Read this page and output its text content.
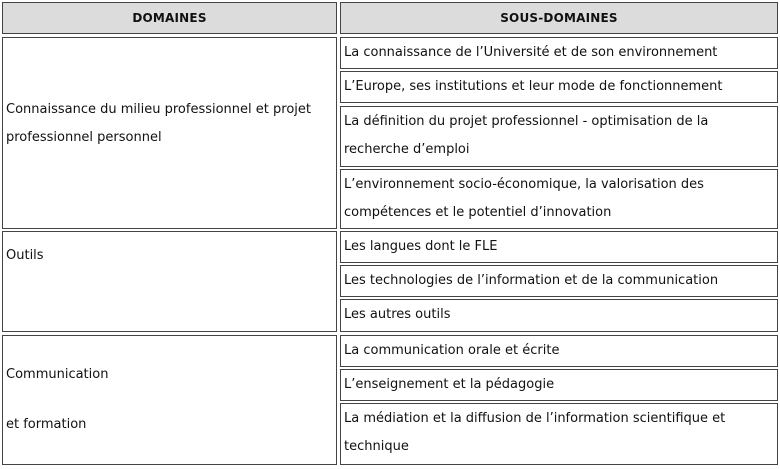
DOMAINES	SOUS-DOMAINES
Connaissance du milieu professionnel et projet
professionnel personnel
La connaissance de l’Université et de son environnement
L’Europe, ses institutions et leur mode de fonctionnement
La définition du projet professionnel - optimisation de la
recherche d’emploi
L’environnement socio-économique, la valorisation des
compétences et le potentiel d’innovation
Outils
Les langues dont le FLE
Les technologies de l’information et de la communication
Les autres outils
Communication
et formation
La communication orale et écrite
L’enseignement et la pédagogie
La médiation et la diffusion de l’information scientifique et
technique
